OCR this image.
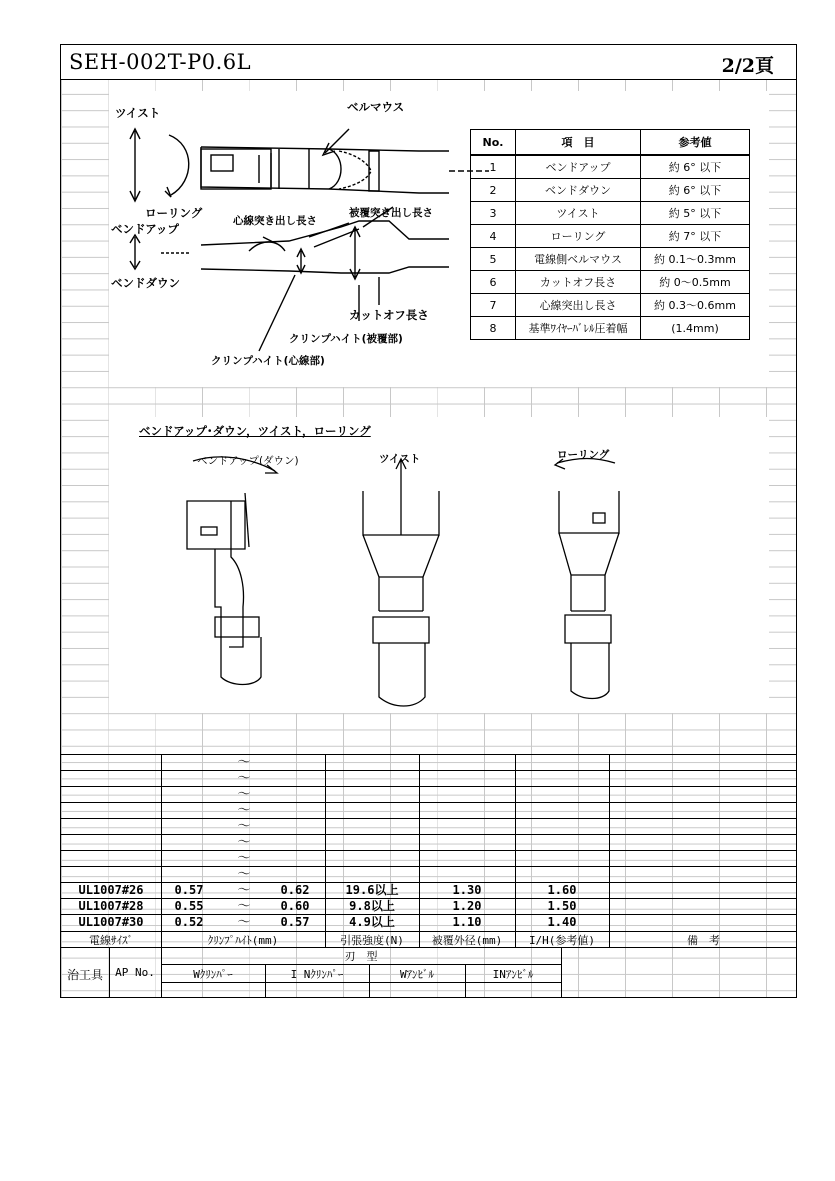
SEH-002T-P0.6L	2/2頁
ツイスト	ベルマウス
ローリング
ベンドアップ
ベンドダウン
心線突き出し長さ
被覆突き出し長さ
カットオフ長さ
クリンプハイト(被覆部)
クリンプハイト(心線部)
No.	項　目	参考値
1	ベンドアップ	約 6° 以下
2	ベンドダウン	約 6° 以下
3	ツイスト	約 5° 以下
4	ローリング	約 7° 以下
5	電線側ベルマウス	約 0.1～0.3mm
6	カットオフ長さ	約 0～0.5mm
7	心線突出し長さ	約 0.3～0.6mm
8	基準ﾜｲﾔｰﾊﾞﾚﾙ圧着幅	(1.4mm)
ベンドアップ･ダウン，ツイスト，ローリング
ベンドアップ(ダウン)	ツイスト	ローリング
～
～
～
～
～
～
～
～
～
～
～
UL1007#26	0.57	0.62	19.6以上	1.30	1.60
UL1007#28	0.55	0.60	9.8以上	1.20	1.50
UL1007#30	0.52	0.57	4.9以上	1.10	1.40
電線ｻｲｽﾞ	ｸﾘﾝﾌﾟﾊｲﾄ(mm)	引張強度(N)	被覆外径(mm)	I/H(参考値)	備　考
刃　型
治工具	AP No.	Wｸﾘﾝﾊﾟｰ	I Nｸﾘﾝﾊﾟｰ	Wｱﾝﾋﾞﾙ	INｱﾝﾋﾞﾙ
